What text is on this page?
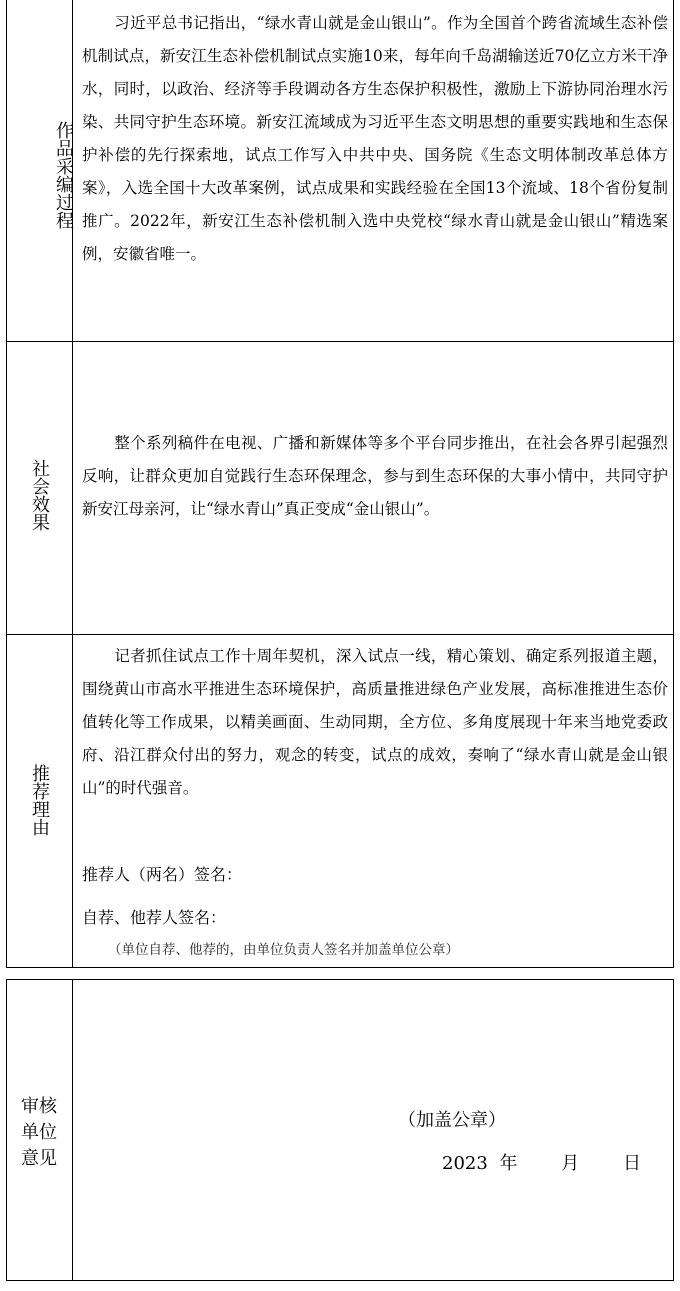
作品采编过程

习近平总书记指出，“绿水青山就是金山银山”。作为全国首个跨省流域生态补偿机制试点，新安江生态补偿机制试点实施10来，每年向千岛湖输送近70亿立方米干净水，同时，以政治、经济等手段调动各方生态保护积极性，激励上下游协同治理水污染、共同守护生态环境。新安江流域成为习近平生态文明思想的重要实践地和生态保护补偿的先行探索地，试点工作写入中共中央、国务院《生态文明体制改革总体方案》，入选全国十大改革案例，试点成果和实践经验在全国13个流域、18个省份复制推广。2022年，新安江生态补偿机制入选中央党校“绿水青山就是金山银山”精选案例，安徽省唯一。

社会效果

整个系列稿件在电视、广播和新媒体等多个平台同步推出，在社会各界引起强烈反响，让群众更加自觉践行生态环保理念，参与到生态环保的大事小情中，共同守护新安江母亲河，让“绿水青山”真正变成“金山银山”。

推荐理由

记者抓住试点工作十周年契机，深入试点一线，精心策划、确定系列报道主题，围绕黄山市高水平推进生态环境保护，高质量推进绿色产业发展，高标准推进生态价值转化等工作成果，以精美画面、生动同期，全方位、多角度展现十年来当地党委政府、沿江群众付出的努力，观念的转变，试点的成效，奏响了“绿水青山就是金山银山”的时代强音。

推荐人（两名）签名：
自荐、他荐人签名：
（单位自荐、他荐的，由单位负责人签名并加盖单位公章）
审核
单位
意见
（加盖公章）
2023 年 月 日
